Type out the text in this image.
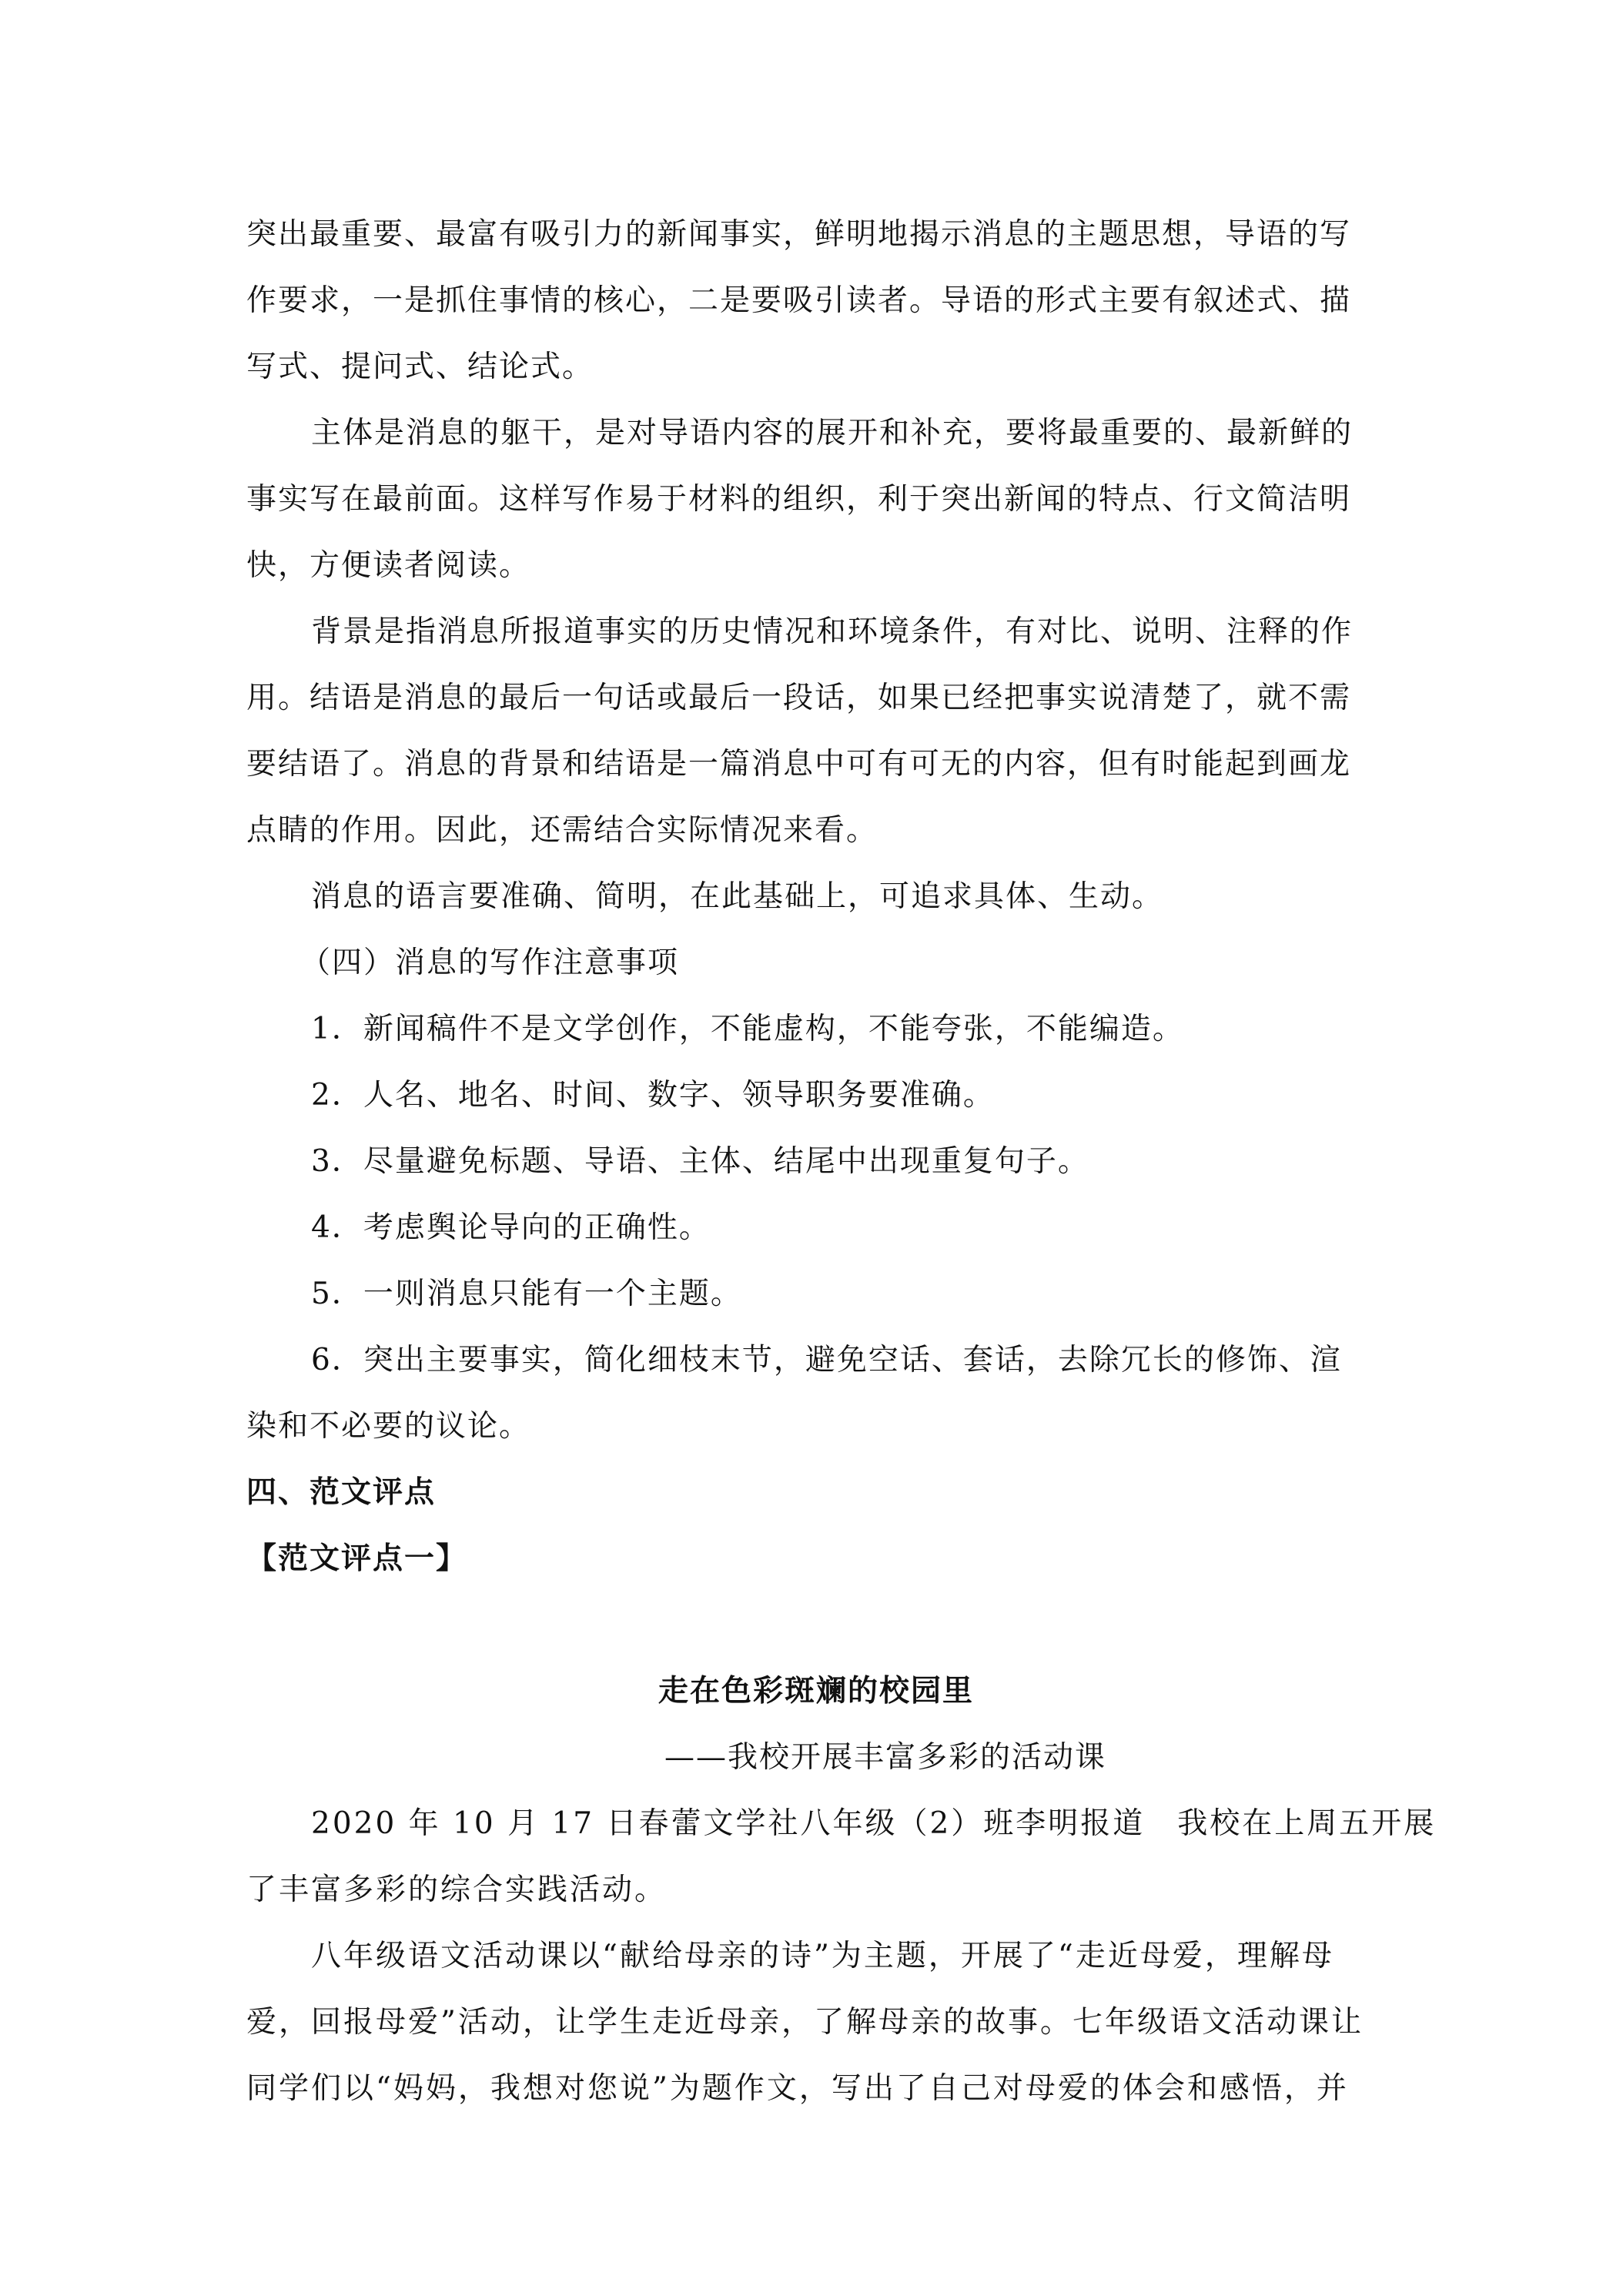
突出最重要、最富有吸引力的新闻事实，鲜明地揭示消息的主题思想，导语的写
作要求，一是抓住事情的核心，二是要吸引读者。导语的形式主要有叙述式、描
写式、提问式、结论式。
主体是消息的躯干，是对导语内容的展开和补充，要将最重要的、最新鲜的
事实写在最前面。这样写作易于材料的组织，利于突出新闻的特点、行文简洁明
快，方便读者阅读。
背景是指消息所报道事实的历史情况和环境条件，有对比、说明、注释的作
用。结语是消息的最后一句话或最后一段话，如果已经把事实说清楚了，就不需
要结语了。消息的背景和结语是一篇消息中可有可无的内容，但有时能起到画龙
点睛的作用。因此，还需结合实际情况来看。
消息的语言要准确、简明，在此基础上，可追求具体、生动。
（四）消息的写作注意事项
1．新闻稿件不是文学创作，不能虚构，不能夸张，不能编造。
2．人名、地名、时间、数字、领导职务要准确。
3．尽量避免标题、导语、主体、结尾中出现重复句子。
4．考虑舆论导向的正确性。
5．一则消息只能有一个主题。
6．突出主要事实，简化细枝末节，避免空话、套话，去除冗长的修饰、渲
染和不必要的议论。
四、范文评点
【范文评点一】
走在色彩斑斓的校园里
——我校开展丰富多彩的活动课
2020 年 10 月 17 日春蕾文学社八年级（2）班李明报道　我校在上周五开展
了丰富多彩的综合实践活动。
八年级语文活动课以“献给母亲的诗”为主题，开展了“走近母爱，理解母
爱，回报母爱”活动，让学生走近母亲，了解母亲的故事。七年级语文活动课让
同学们以“妈妈，我想对您说”为题作文，写出了自己对母爱的体会和感悟，并
